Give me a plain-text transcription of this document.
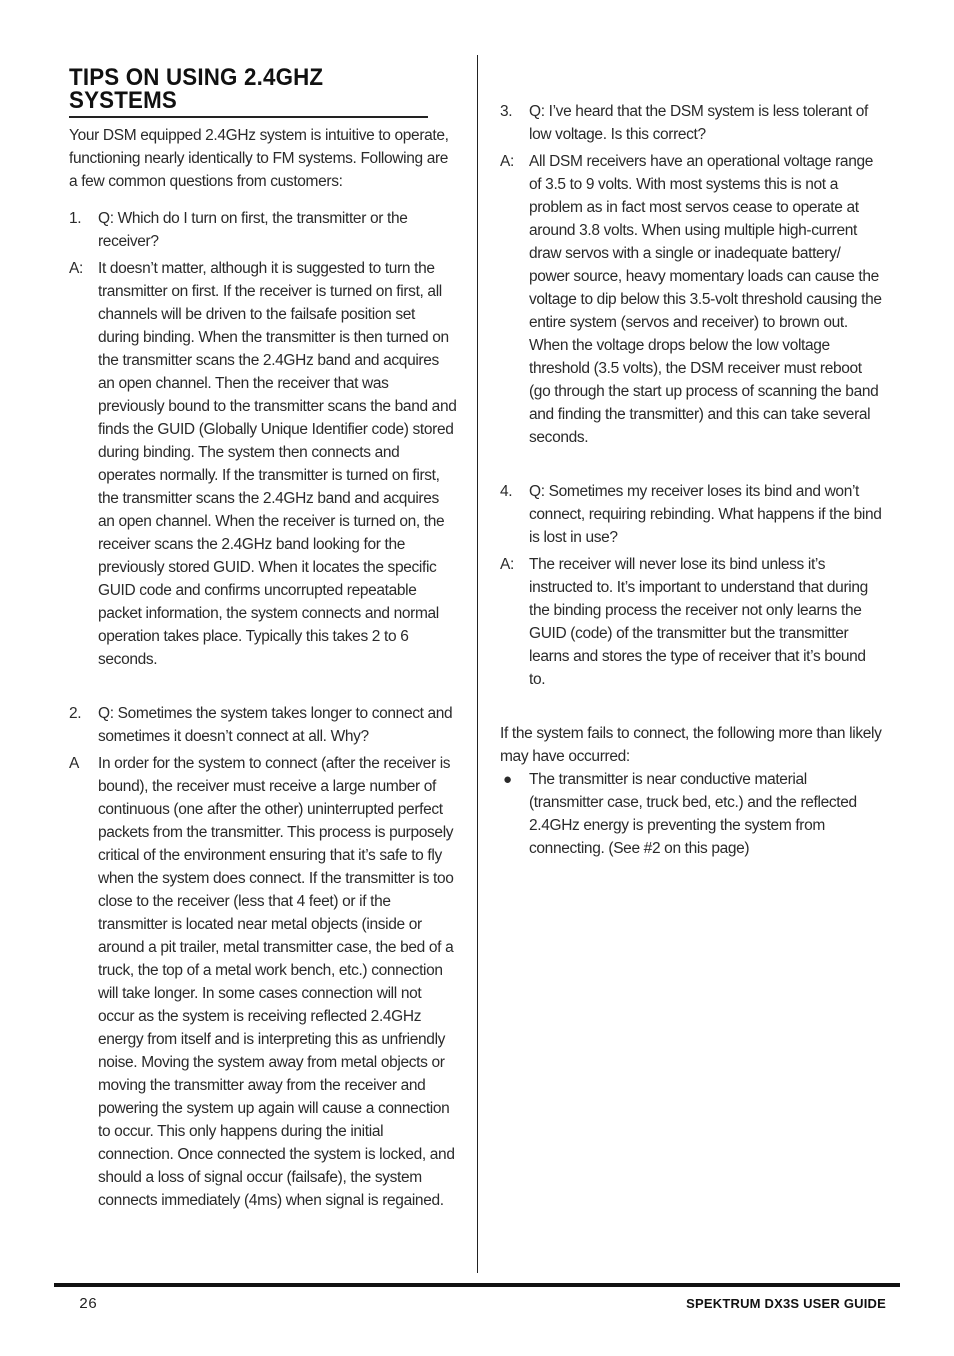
TIPS ON USING 2.4GHZ SYSTEMS

Your DSM equipped 2.4GHz system is intuitive to operate, functioning nearly identically to FM systems. Following are a few common questions from customers:

1. Q: Which do I turn on first, the transmitter or the receiver?
A: It doesn’t matter, although it is suggested to turn the transmitter on first. If the receiver is turned on first, all channels will be driven to the failsafe position set during binding. When the transmitter is then turned on the transmitter scans the 2.4GHz band and acquires an open channel. Then the receiver that was previously bound to the transmitter scans the band and finds the GUID (Globally Unique Identifier code) stored during binding. The system then connects and operates normally. If the transmitter is turned on first, the transmitter scans the 2.4GHz band and acquires an open channel. When the receiver is turned on, the receiver scans the 2.4GHz band looking for the previously stored GUID. When it locates the specific GUID code and confirms uncorrupted repeatable packet information, the system connects and normal operation takes place. Typically this takes 2 to 6 seconds.
2. Q: Sometimes the system takes longer to connect and sometimes it doesn’t connect at all. Why?
A In order for the system to connect (after the receiver is bound), the receiver must receive a large number of continuous (one after the other) uninterrupted perfect packets from the transmitter. This process is purposely critical of the environment ensuring that it’s safe to fly when the system does connect. If the transmitter is too close to the receiver (less that 4 feet) or if the transmitter is located near metal objects (inside or around a pit trailer, metal transmitter case, the bed of a truck, the top of a metal work bench, etc.) connection will take longer. In some cases connection will not occur as the system is receiving reflected 2.4GHz energy from itself and is interpreting this as unfriendly noise. Moving the system away from metal objects or moving the transmitter away from the receiver and powering the system up again will cause a connection to occur. This only happens during the initial connection. Once connected the system is locked, and should a loss of signal occur (failsafe), the system connects immediately (4ms) when signal is regained.
3. Q: I’ve heard that the DSM system is less tolerant of low voltage. Is this correct?
A: All DSM receivers have an operational voltage range of 3.5 to 9 volts. With most systems this is not a problem as in fact most servos cease to operate at around 3.8 volts. When using multiple high-current draw servos with a single or inadequate battery/ power source, heavy momentary loads can cause the voltage to dip below this 3.5-volt threshold causing the entire system (servos and receiver) to brown out. When the voltage drops below the low voltage threshold (3.5 volts), the DSM receiver must reboot (go through the start up process of scanning the band and finding the transmitter) and this can take several seconds.
4. Q: Sometimes my receiver loses its bind and won’t connect, requiring rebinding. What happens if the bind is lost in use?
A: The receiver will never lose its bind unless it’s instructed to. It’s important to understand that during the binding process the receiver not only learns the GUID (code) of the transmitter but the transmitter learns and stores the type of receiver that it’s bound to.

If the system fails to connect, the following more than likely may have occurred:

● The transmitter is near conductive material (transmitter case, truck bed, etc.) and the reflected 2.4GHz energy is preventing the system from connecting. (See #2 on this page)
26	SPEKTRUM DX3S USER GUIDE
